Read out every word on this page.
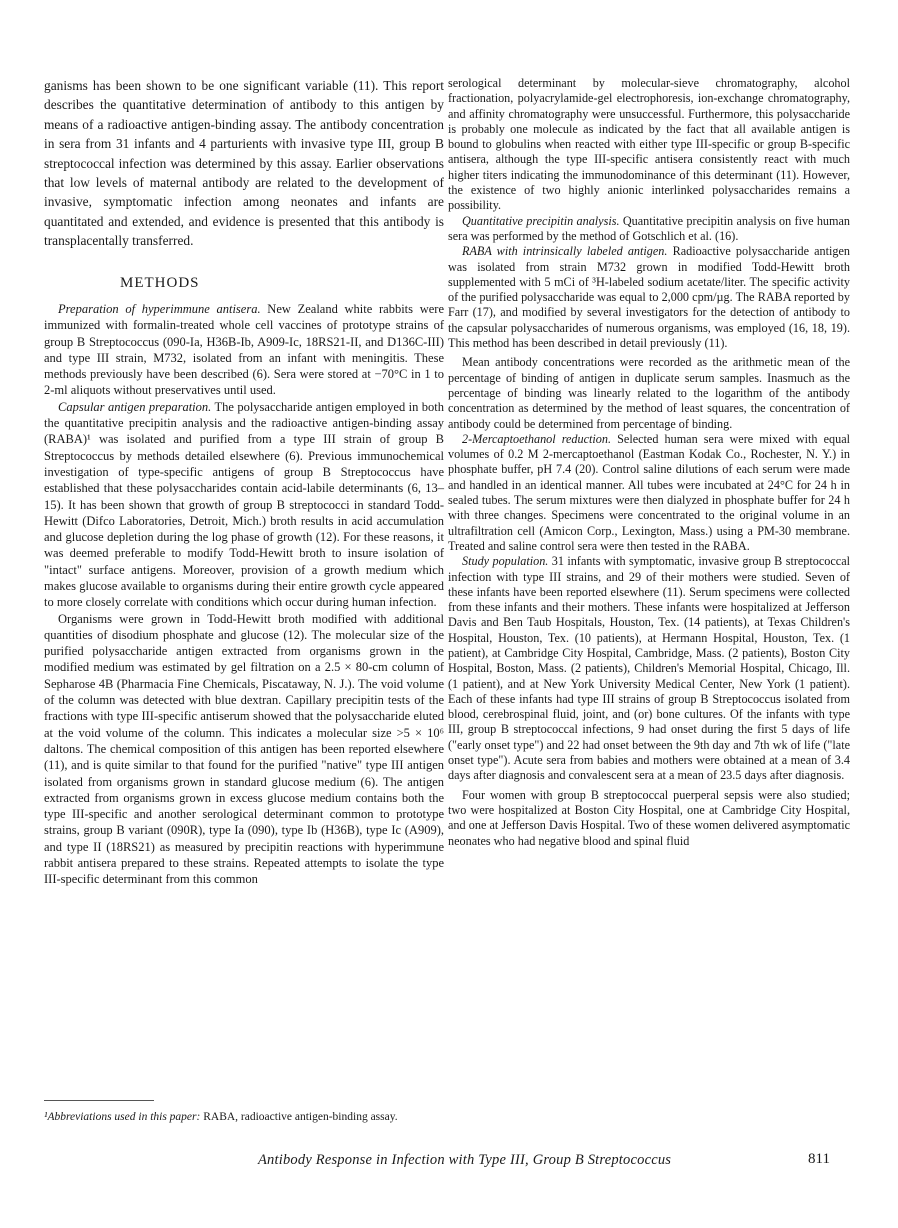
ganisms has been shown to be one significant variable (11). This report describes the quantitative determination of antibody to this antigen by means of a radioactive antigen-binding assay. The antibody concentration in sera from 31 infants and 4 parturients with invasive type III, group B streptococcal infection was determined by this assay. Earlier observations that low levels of maternal antibody are related to the development of invasive, symptomatic infection among neonates and infants are quantitated and extended, and evidence is presented that this antibody is transplacentally transferred.

METHODS

Preparation of hyperimmune antisera. New Zealand white rabbits were immunized with formalin-treated whole cell vaccines of prototype strains of group B Streptococcus (090-Ia, H36B-Ib, A909-Ic, 18RS21-II, and D136C-III) and type III strain, M732, isolated from an infant with meningitis. These methods previously have been described (6). Sera were stored at −70°C in 1 to 2-ml aliquots without preservatives until used.

Capsular antigen preparation. The polysaccharide antigen employed in both the quantitative precipitin analysis and the radioactive antigen-binding assay (RABA)¹ was isolated and purified from a type III strain of group B Streptococcus by methods detailed elsewhere (6). Previous immunochemical investigation of type-specific antigens of group B Streptococcus have established that these polysaccharides contain acid-labile determinants (6, 13–15). It has been shown that growth of group B streptococci in standard Todd-Hewitt (Difco Laboratories, Detroit, Mich.) broth results in acid accumulation and glucose depletion during the log phase of growth (12). For these reasons, it was deemed preferable to modify Todd-Hewitt broth to insure isolation of "intact" surface antigens. Moreover, provision of a growth medium which makes glucose available to organisms during their entire growth cycle appeared to more closely correlate with conditions which occur during human infection.

Organisms were grown in Todd-Hewitt broth modified with additional quantities of disodium phosphate and glucose (12). The molecular size of the purified polysaccharide antigen extracted from organisms grown in the modified medium was estimated by gel filtration on a 2.5 × 80-cm column of Sepharose 4B (Pharmacia Fine Chemicals, Piscataway, N. J.). The void volume of the column was detected with blue dextran. Capillary precipitin tests of the fractions with type III-specific antiserum showed that the polysaccharide eluted at the void volume of the column. This indicates a molecular size >5 × 10⁶ daltons. The chemical composition of this antigen has been reported elsewhere (11), and is quite similar to that found for the purified "native" type III antigen isolated from organisms grown in standard glucose medium (6). The antigen extracted from organisms grown in excess glucose medium contains both the type III-specific and another serological determinant common to prototype strains, group B variant (090R), type Ia (090), type Ib (H36B), type Ic (A909), and type II (18RS21) as measured by precipitin reactions with hyperimmune rabbit antisera prepared to these strains. Repeated attempts to isolate the type III-specific determinant from this common

serological determinant by molecular-sieve chromatography, alcohol fractionation, polyacrylamide-gel electrophoresis, ion-exchange chromatography, and affinity chromatography were unsuccessful. Furthermore, this polysaccharide is probably one molecule as indicated by the fact that all available antigen is bound to globulins when reacted with either type III-specific or group B-specific antisera, although the type III-specific antisera consistently react with much higher titers indicating the immunodominance of this determinant (11). However, the existence of two highly anionic interlinked polysaccharides remains a possibility.

Quantitative precipitin analysis. Quantitative precipitin analysis on five human sera was performed by the method of Gotschlich et al. (16).

RABA with intrinsically labeled antigen. Radioactive polysaccharide antigen was isolated from strain M732 grown in modified Todd-Hewitt broth supplemented with 5 mCi of ³H-labeled sodium acetate/liter. The specific activity of the purified polysaccharide was equal to 2,000 cpm/µg. The RABA reported by Farr (17), and modified by several investigators for the detection of antibody to the capsular polysaccharides of numerous organisms, was employed (16, 18, 19). This method has been described in detail previously (11).

Mean antibody concentrations were recorded as the arithmetic mean of the percentage of binding of antigen in duplicate serum samples. Inasmuch as the percentage of binding was linearly related to the logarithm of the antibody concentration as determined by the method of least squares, the concentration of antibody could be determined from percentage of binding.

2-Mercaptoethanol reduction. Selected human sera were mixed with equal volumes of 0.2 M 2-mercaptoethanol (Eastman Kodak Co., Rochester, N. Y.) in phosphate buffer, pH 7.4 (20). Control saline dilutions of each serum were made and handled in an identical manner. All tubes were incubated at 24°C for 24 h in sealed tubes. The serum mixtures were then dialyzed in phosphate buffer for 24 h with three changes. Specimens were concentrated to the original volume in an ultrafiltration cell (Amicon Corp., Lexington, Mass.) using a PM-30 membrane. Treated and saline control sera were then tested in the RABA.

Study population. 31 infants with symptomatic, invasive group B streptococcal infection with type III strains, and 29 of their mothers were studied. Seven of these infants have been reported elsewhere (11). Serum specimens were collected from these infants and their mothers. These infants were hospitalized at Jefferson Davis and Ben Taub Hospitals, Houston, Tex. (14 patients), at Texas Children's Hospital, Houston, Tex. (10 patients), at Hermann Hospital, Houston, Tex. (1 patient), at Cambridge City Hospital, Cambridge, Mass. (2 patients), Boston City Hospital, Boston, Mass. (2 patients), Children's Memorial Hospital, Chicago, Ill. (1 patient), and at New York University Medical Center, New York (1 patient). Each of these infants had type III strains of group B Streptococcus isolated from blood, cerebrospinal fluid, joint, and (or) bone cultures. Of the infants with type III, group B streptococcal infections, 9 had onset during the first 5 days of life ("early onset type") and 22 had onset between the 9th day and 7th wk of life ("late onset type"). Acute sera from babies and mothers were obtained at a mean of 3.4 days after diagnosis and convalescent sera at a mean of 23.5 days after diagnosis.

Four women with group B streptococcal puerperal sepsis were also studied; two were hospitalized at Boston City Hospital, one at Cambridge City Hospital, and one at Jefferson Davis Hospital. Two of these women delivered asymptomatic neonates who had negative blood and spinal fluid

¹Abbreviations used in this paper: RABA, radioactive antigen-binding assay.
Antibody Response in Infection with Type III, Group B Streptococcus	811
